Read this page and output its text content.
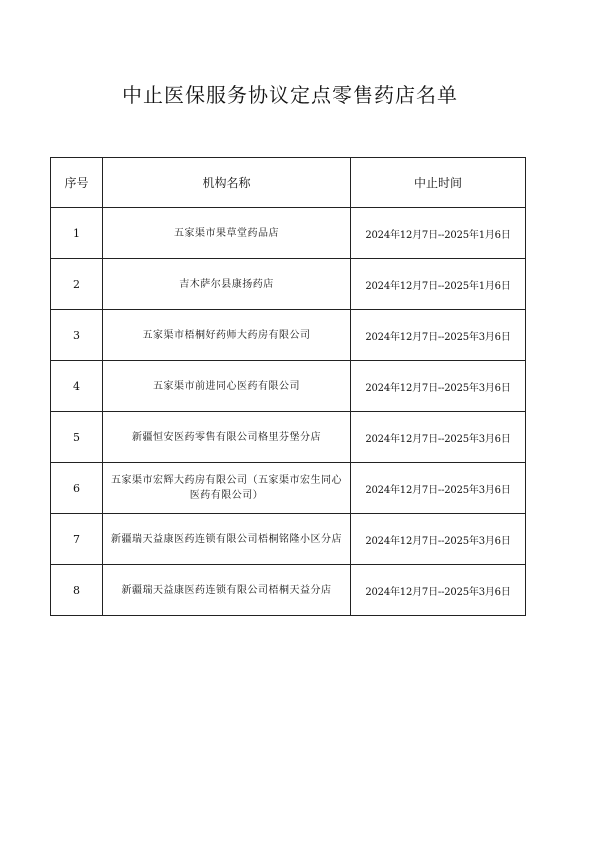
中止医保服务协议定点零售药店名单
序号	机构名称	中止时间
1	五家渠市果草堂药品店	2024年12月7日--2025年1月6日
2	吉木萨尔县康扬药店	2024年12月7日--2025年1月6日
3	五家渠市梧桐好药师大药房有限公司	2024年12月7日--2025年3月6日
4	五家渠市前进同心医药有限公司	2024年12月7日--2025年3月6日
5	新疆恒安医药零售有限公司格里芬堡分店	2024年12月7日--2025年3月6日
6	五家渠市宏辉大药房有限公司（五家渠市宏生同心医药有限公司）	2024年12月7日--2025年3月6日
7	新疆瑞天益康医药连锁有限公司梧桐铭隆小区分店	2024年12月7日--2025年3月6日
8	新疆瑞天益康医药连锁有限公司梧桐天益分店	2024年12月7日--2025年3月6日
